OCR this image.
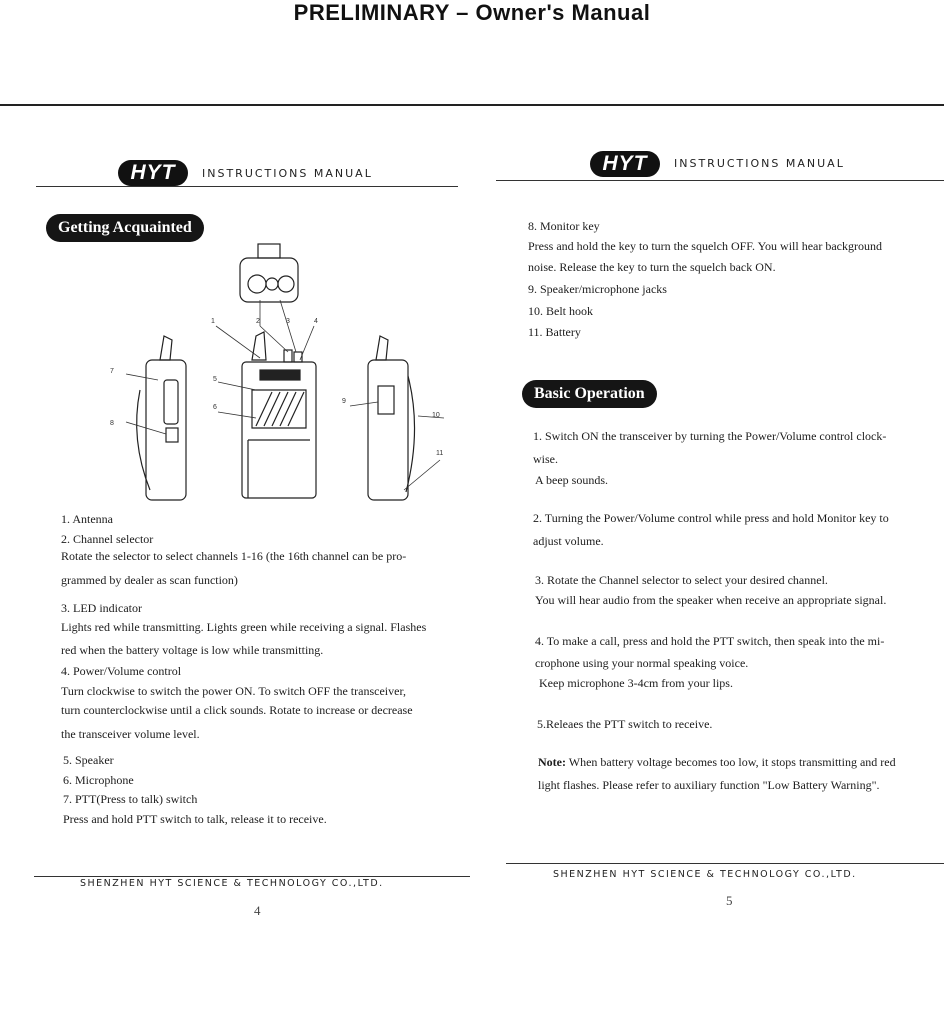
PRELIMINARY – Owner's Manual
HYT	INSTRUCTIONS MANUAL
Getting Acquainted
1	2	3	4
5
6
7
8
9
10
11
1. Antenna
2. Channel selector
Rotate the selector to select channels 1-16 (the 16th channel can be pro-
grammed by dealer as scan function)
3. LED indicator
Lights red while transmitting. Lights green while receiving a signal. Flashes
red when the battery voltage is low while transmitting.
4. Power/Volume control
Turn clockwise to switch the power ON. To switch OFF the transceiver,
turn counterclockwise until a click sounds. Rotate to increase or decrease
the transceiver volume level.
5. Speaker
6. Microphone
7. PTT(Press to talk) switch
Press and hold PTT switch to talk, release it to receive.
SHENZHEN HYT SCIENCE & TECHNOLOGY CO.,LTD.
4
HYT	INSTRUCTIONS MANUAL
8. Monitor key
Press and hold the key to turn the squelch OFF. You will hear background
noise. Release the key to turn the squelch back ON.
9. Speaker/microphone jacks
10. Belt hook
11. Battery
Basic Operation
1. Switch ON the transceiver by turning the Power/Volume control clock-
wise.
A beep sounds.
2. Turning the Power/Volume control while press and hold Monitor key to
adjust volume.
3. Rotate the Channel selector to select your desired channel.
You will hear audio from the speaker when receive an appropriate signal.
4. To make a call, press and hold the PTT switch, then speak into the mi-
crophone using your normal speaking voice.
Keep microphone 3-4cm from your lips.
5.Releaes the PTT switch to receive.
Note: When battery voltage becomes too low, it stops transmitting and red
light flashes. Please refer to auxiliary function "Low Battery Warning".
SHENZHEN HYT SCIENCE & TECHNOLOGY CO.,LTD.
5
